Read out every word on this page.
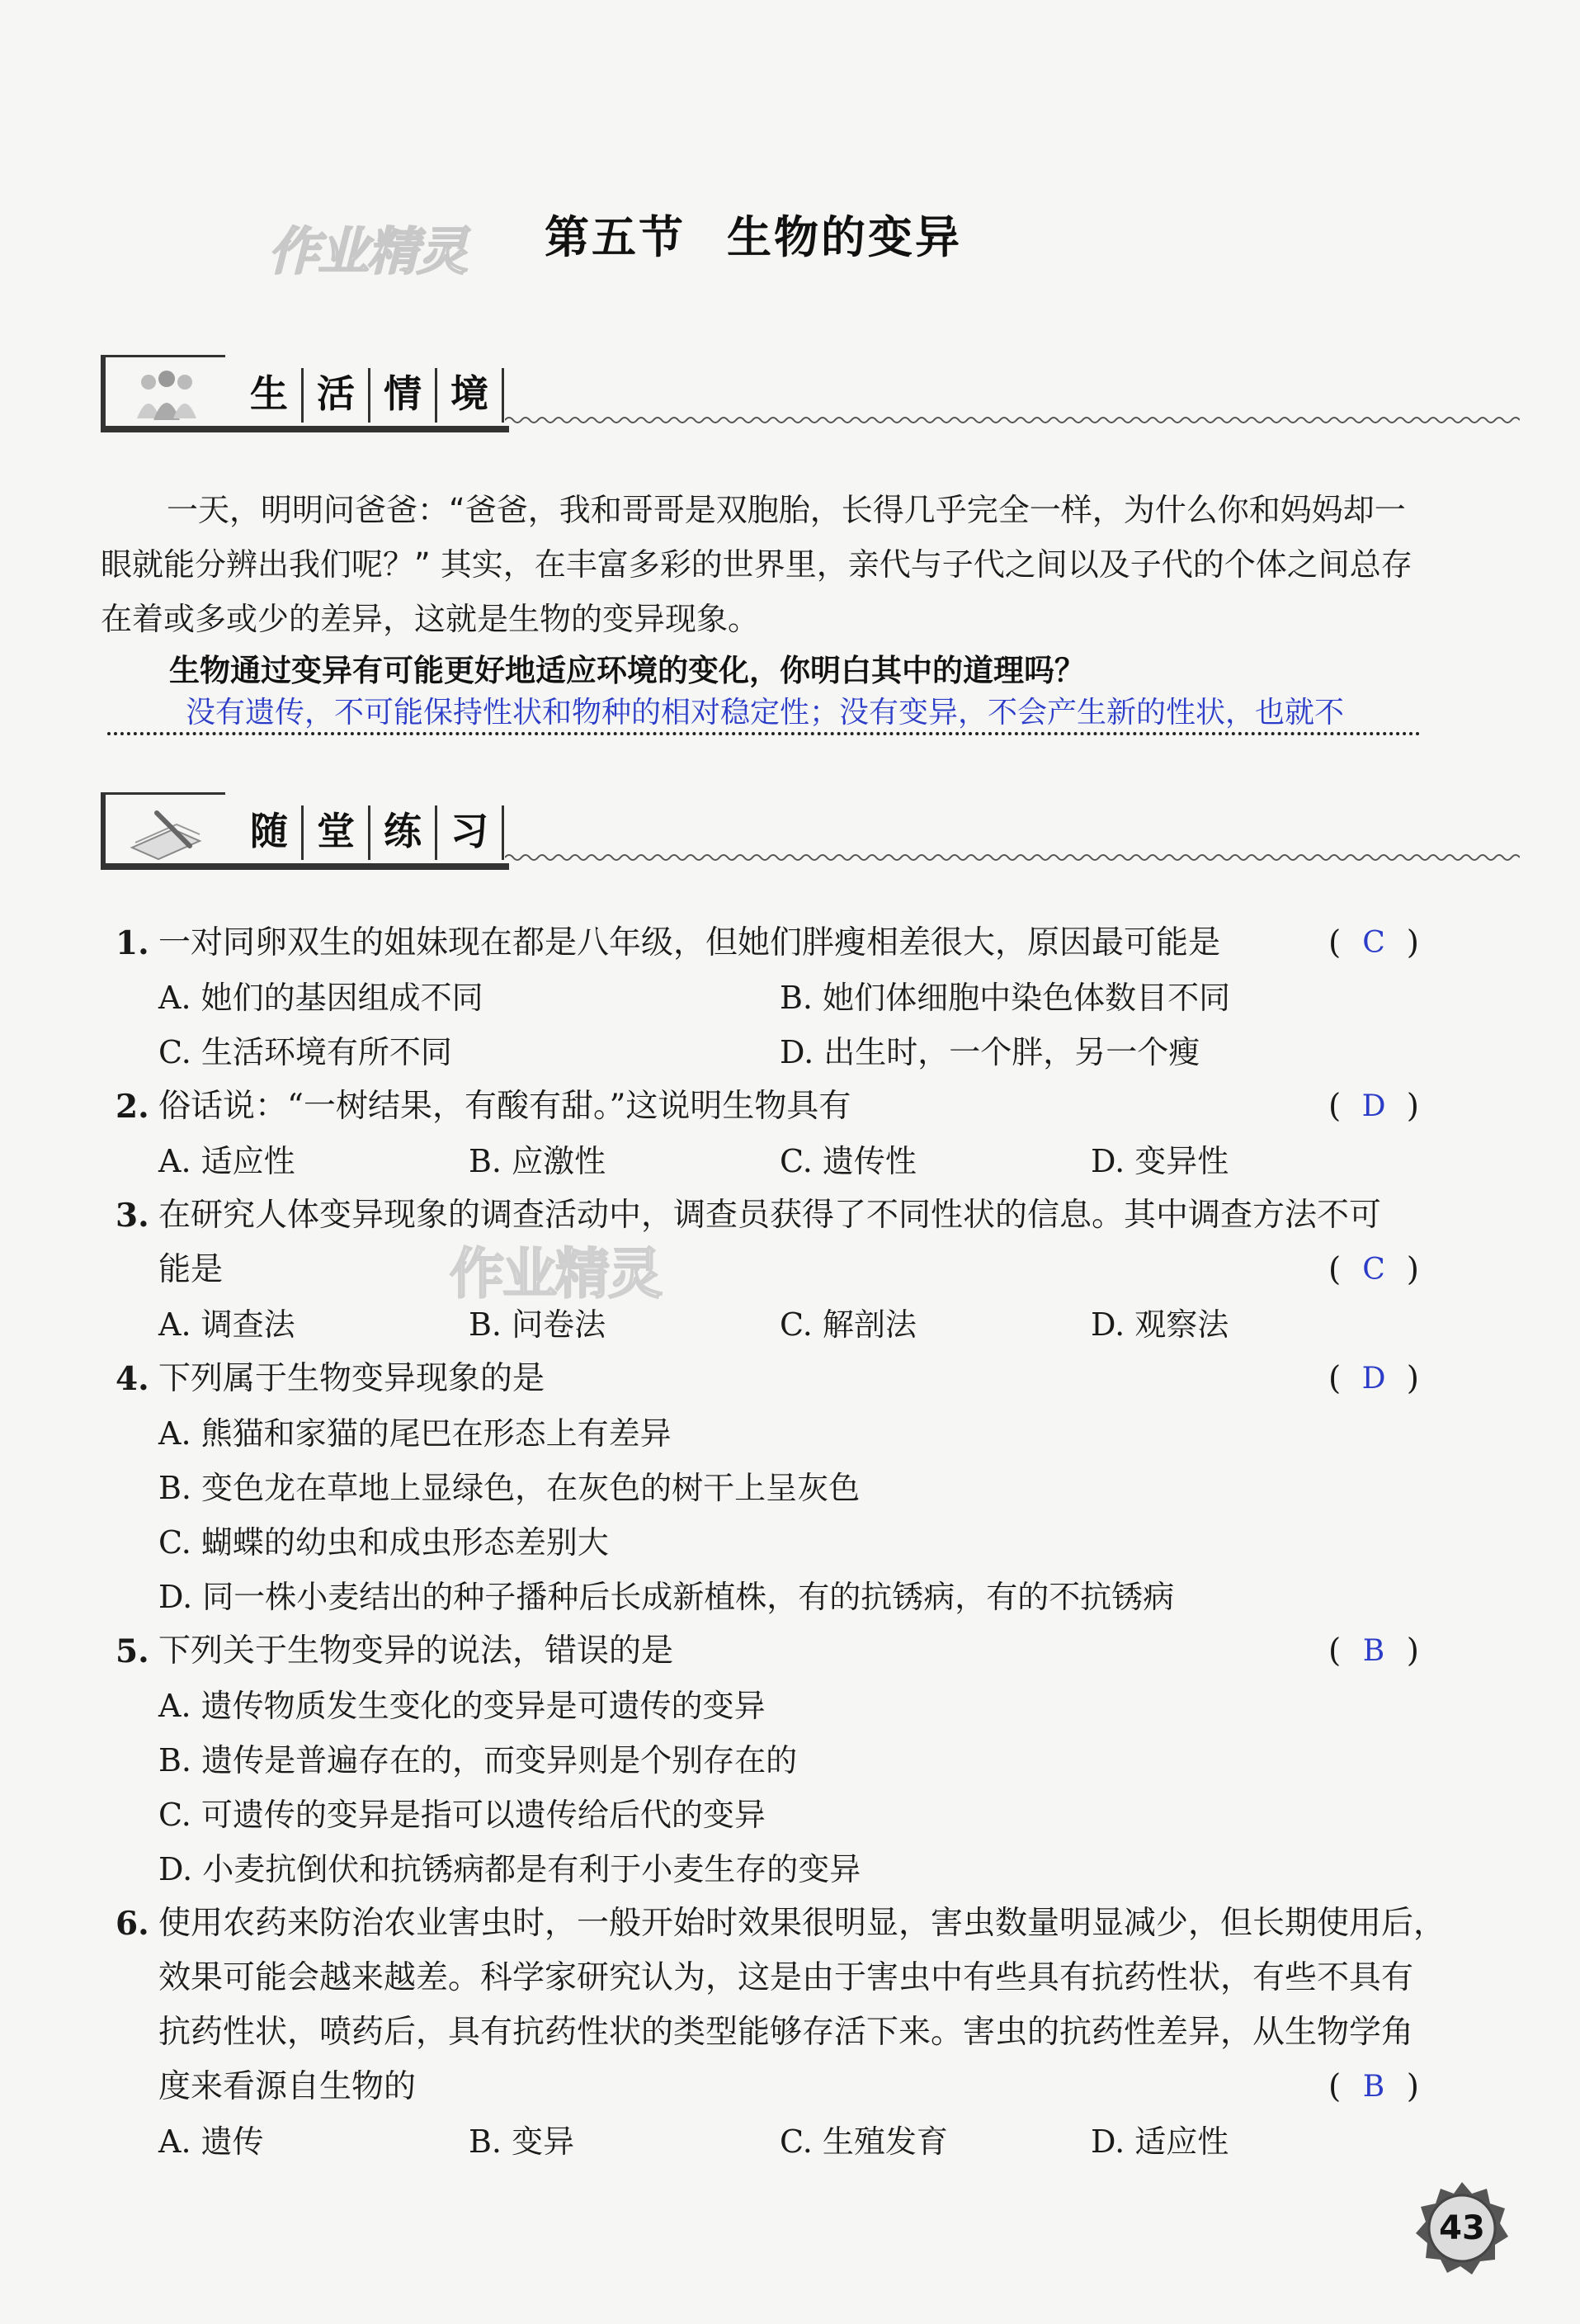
作业精灵 第五节 生物的变异
生 活 情 境
一天，明明问爸爸：“爸爸，我和哥哥是双胞胎，长得几乎完全一样，为什么你和妈妈却一眼就能分辨出我们呢？” 其实，在丰富多彩的世界里，亲代与子代之间以及子代的个体之间总存在着或多或少的差异，这就是生物的变异现象。
生物通过变异有可能更好地适应环境的变化，你明白其中的道理吗？
没有遗传，不可能保持性状和物种的相对稳定性；没有变异，不会产生新的性状，也就不
随 堂 练 习
作业精灵
1. 一对同卵双生的姐妹现在都是八年级，但她们胖瘦相差很大，原因最可能是	( C )
A. 她们的基因组成不同	B. 她们体细胞中染色体数目不同
C. 生活环境有所不同	D. 出生时，一个胖，另一个瘦
2. 俗话说：“一树结果，有酸有甜。”这说明生物具有	( D )
A. 适应性	B. 应激性	C. 遗传性	D. 变异性
3. 在研究人体变异现象的调查活动中，调查员获得了不同性状的信息。其中调查方法不可
能是	( C )
A. 调查法	B. 问卷法	C. 解剖法	D. 观察法
4. 下列属于生物变异现象的是	( D )
A. 熊猫和家猫的尾巴在形态上有差异
B. 变色龙在草地上显绿色，在灰色的树干上呈灰色
C. 蝴蝶的幼虫和成虫形态差别大
D. 同一株小麦结出的种子播种后长成新植株，有的抗锈病，有的不抗锈病
5. 下列关于生物变异的说法，错误的是	( B )
A. 遗传物质发生变化的变异是可遗传的变异
B. 遗传是普遍存在的，而变异则是个别存在的
C. 可遗传的变异是指可以遗传给后代的变异
D. 小麦抗倒伏和抗锈病都是有利于小麦生存的变异
6. 使用农药来防治农业害虫时，一般开始时效果很明显，害虫数量明显减少，但长期使用后，
效果可能会越来越差。科学家研究认为，这是由于害虫中有些具有抗药性状，有些不具有
抗药性状，喷药后，具有抗药性状的类型能够存活下来。害虫的抗药性差异，从生物学角
度来看源自生物的	( B )
A. 遗传	B. 变异	C. 生殖发育	D. 适应性
43
